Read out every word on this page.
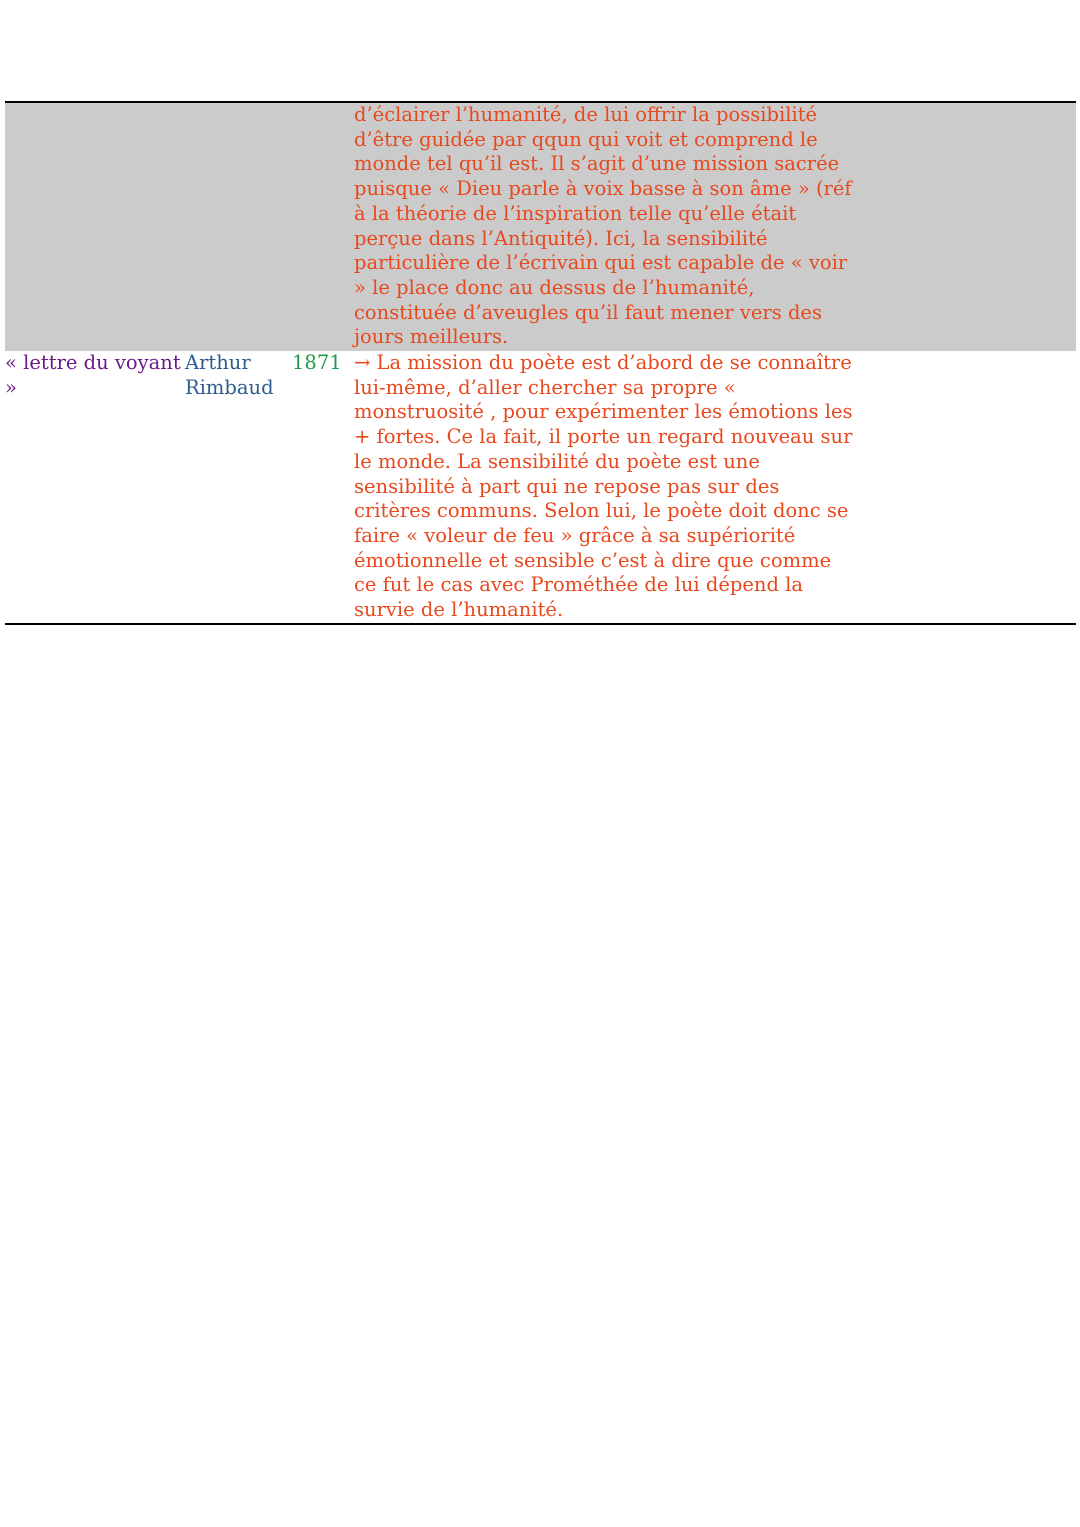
			d’éclairer l’humanité, de lui offrir la possibilité d’être guidée par qqun qui voit et comprend le monde tel qu’il est. Il s’agit d’une mission sacrée puisque « Dieu parle à voix basse à son âme » (réf à la théorie de l’inspiration telle qu’elle était perçue dans l’Antiquité). Ici, la sensibilité particulière de l’écrivain qui est capable de « voir » le place donc au dessus de l’humanité, constituée d’aveugles qu’il faut mener vers des jours meilleurs.

« lettre du voyant »	Arthur Rimbaud	1871	→ La mission du poète est d’abord de se connaître lui-même, d’aller chercher sa propre « monstruosité , pour expérimenter les émotions les + fortes. Ce la fait, il porte un regard nouveau sur le monde. La sensibilité du poète est une sensibilité à part qui ne repose pas sur des critères communs. Selon lui, le poète doit donc se faire « voleur de feu » grâce à sa supériorité émotionnelle et sensible c’est à dire que comme ce fut le cas avec Prométhée de lui dépend la survie de l’humanité.
